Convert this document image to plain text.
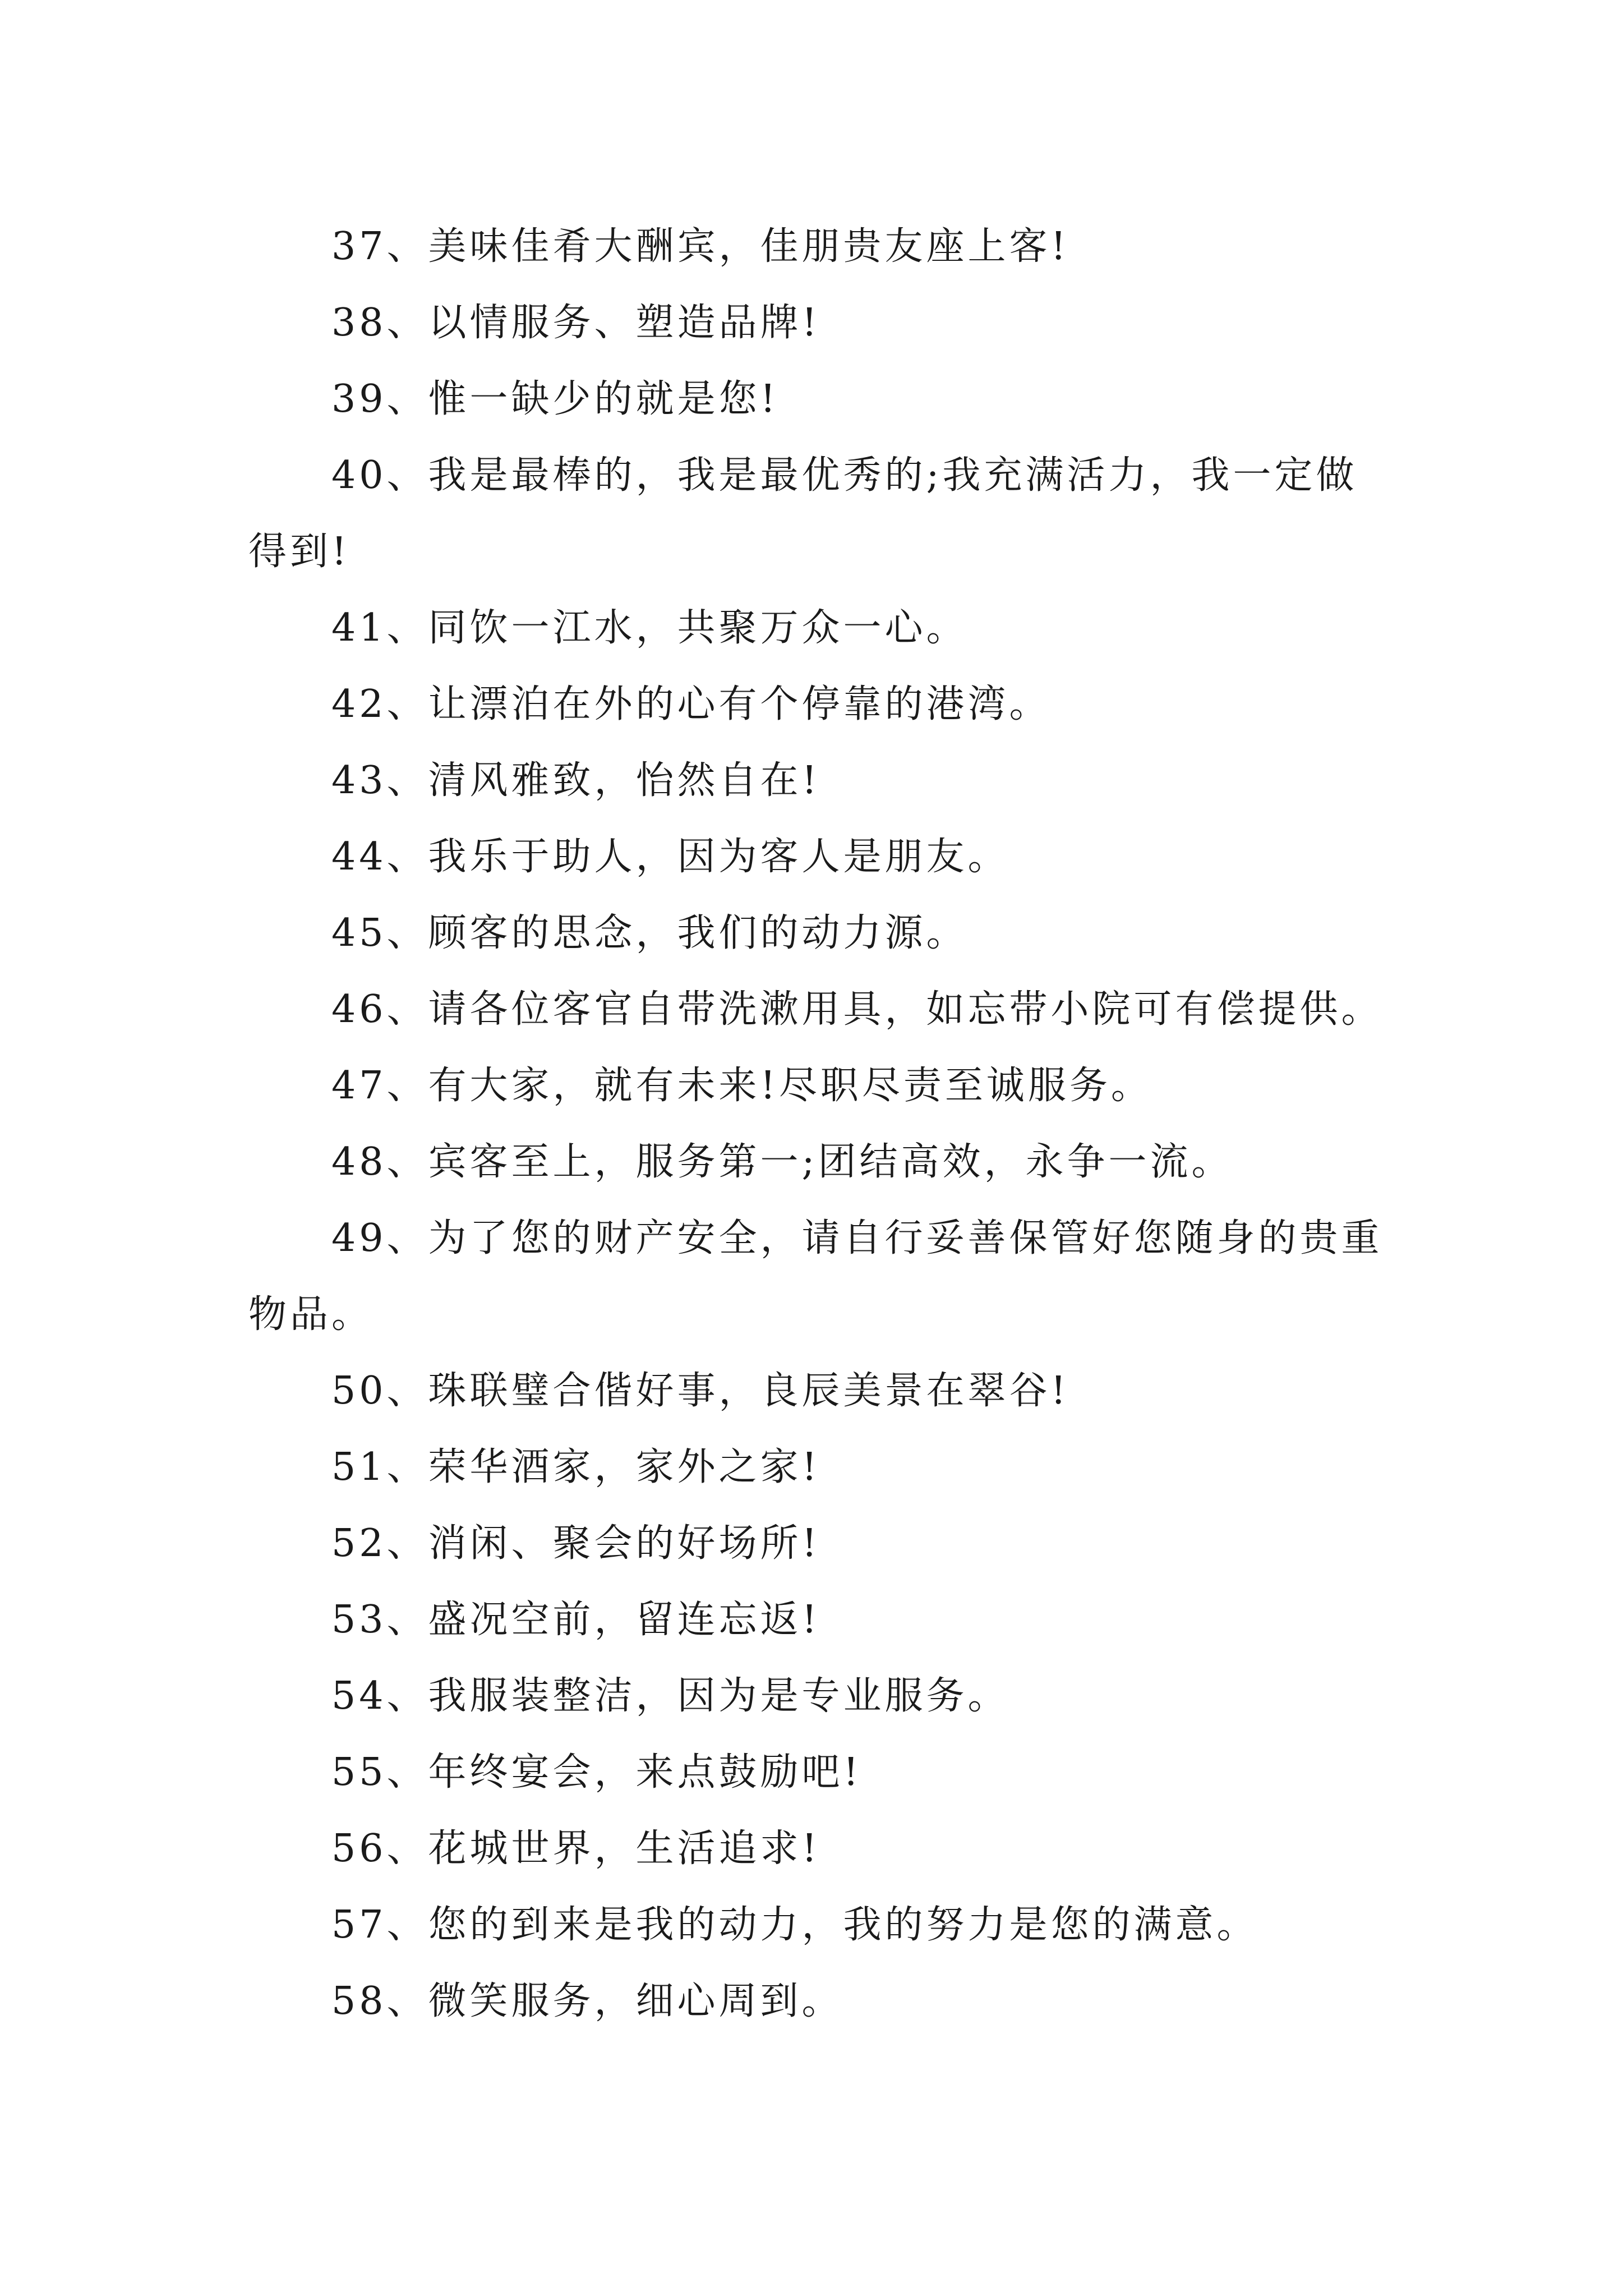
37、美味佳肴大酬宾，佳朋贵友座上客!

38、以情服务、塑造品牌!

39、惟一缺少的就是您!

40、我是最棒的，我是最优秀的;我充满活力，我一定做得到!

41、同饮一江水，共聚万众一心。

42、让漂泊在外的心有个停靠的港湾。

43、清风雅致，怡然自在!

44、我乐于助人，因为客人是朋友。

45、顾客的思念，我们的动力源。

46、请各位客官自带洗漱用具，如忘带小院可有偿提供。

47、有大家，就有未来!尽职尽责至诚服务。

48、宾客至上，服务第一;团结高效，永争一流。

49、为了您的财产安全，请自行妥善保管好您随身的贵重物品。

50、珠联璧合偕好事，良辰美景在翠谷!

51、荣华酒家，家外之家!

52、消闲、聚会的好场所!

53、盛况空前，留连忘返!

54、我服装整洁，因为是专业服务。

55、年终宴会，来点鼓励吧!

56、花城世界，生活追求!

57、您的到来是我的动力，我的努力是您的满意。

58、微笑服务，细心周到。
